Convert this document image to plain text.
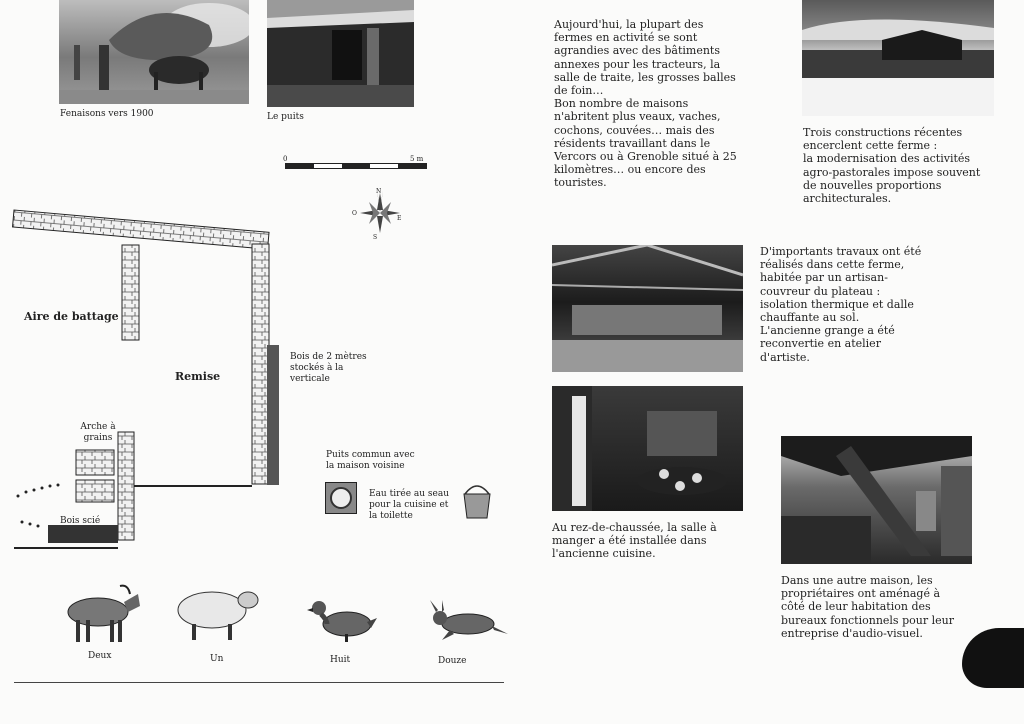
Fenaisons vers 1900	Le puits
0	5 m
N
O
E
S
Aire de battage
Remise
Bois de 2 mètres stockés à la verticale
Arche à grains
Bois scié
Puits commun avec la maison voisine
Eau tirée au seau pour la cuisine et la toilette
Deux	Un	Huit	Douze
Aujourd'hui, la plupart des fermes en activité se sont agrandies avec des bâtiments annexes pour les tracteurs, la salle de traite, les grosses balles de foin…
Bon nombre de maisons n'abritent plus veaux, vaches, cochons, couvées… mais des résidents travaillant dans le Vercors ou à Grenoble situé à 25 kilomètres… ou encore des touristes.
Trois constructions récentes encerclent cette ferme :
la modernisation des activités agro-pastorales impose souvent de nouvelles proportions architecturales.
D'importants travaux ont été réalisés dans cette ferme, habitée par un artisan-couvreur du plateau : isolation thermique et dalle chauffante au sol.
L'ancienne grange a été reconvertie en atelier d'artiste.
Au rez-de-chaussée, la salle à manger a été installée dans l'ancienne cuisine.
Dans une autre maison, les propriétaires ont aménagé à côté de leur habitation des bureaux fonctionnels pour leur entreprise d'audio-visuel.
